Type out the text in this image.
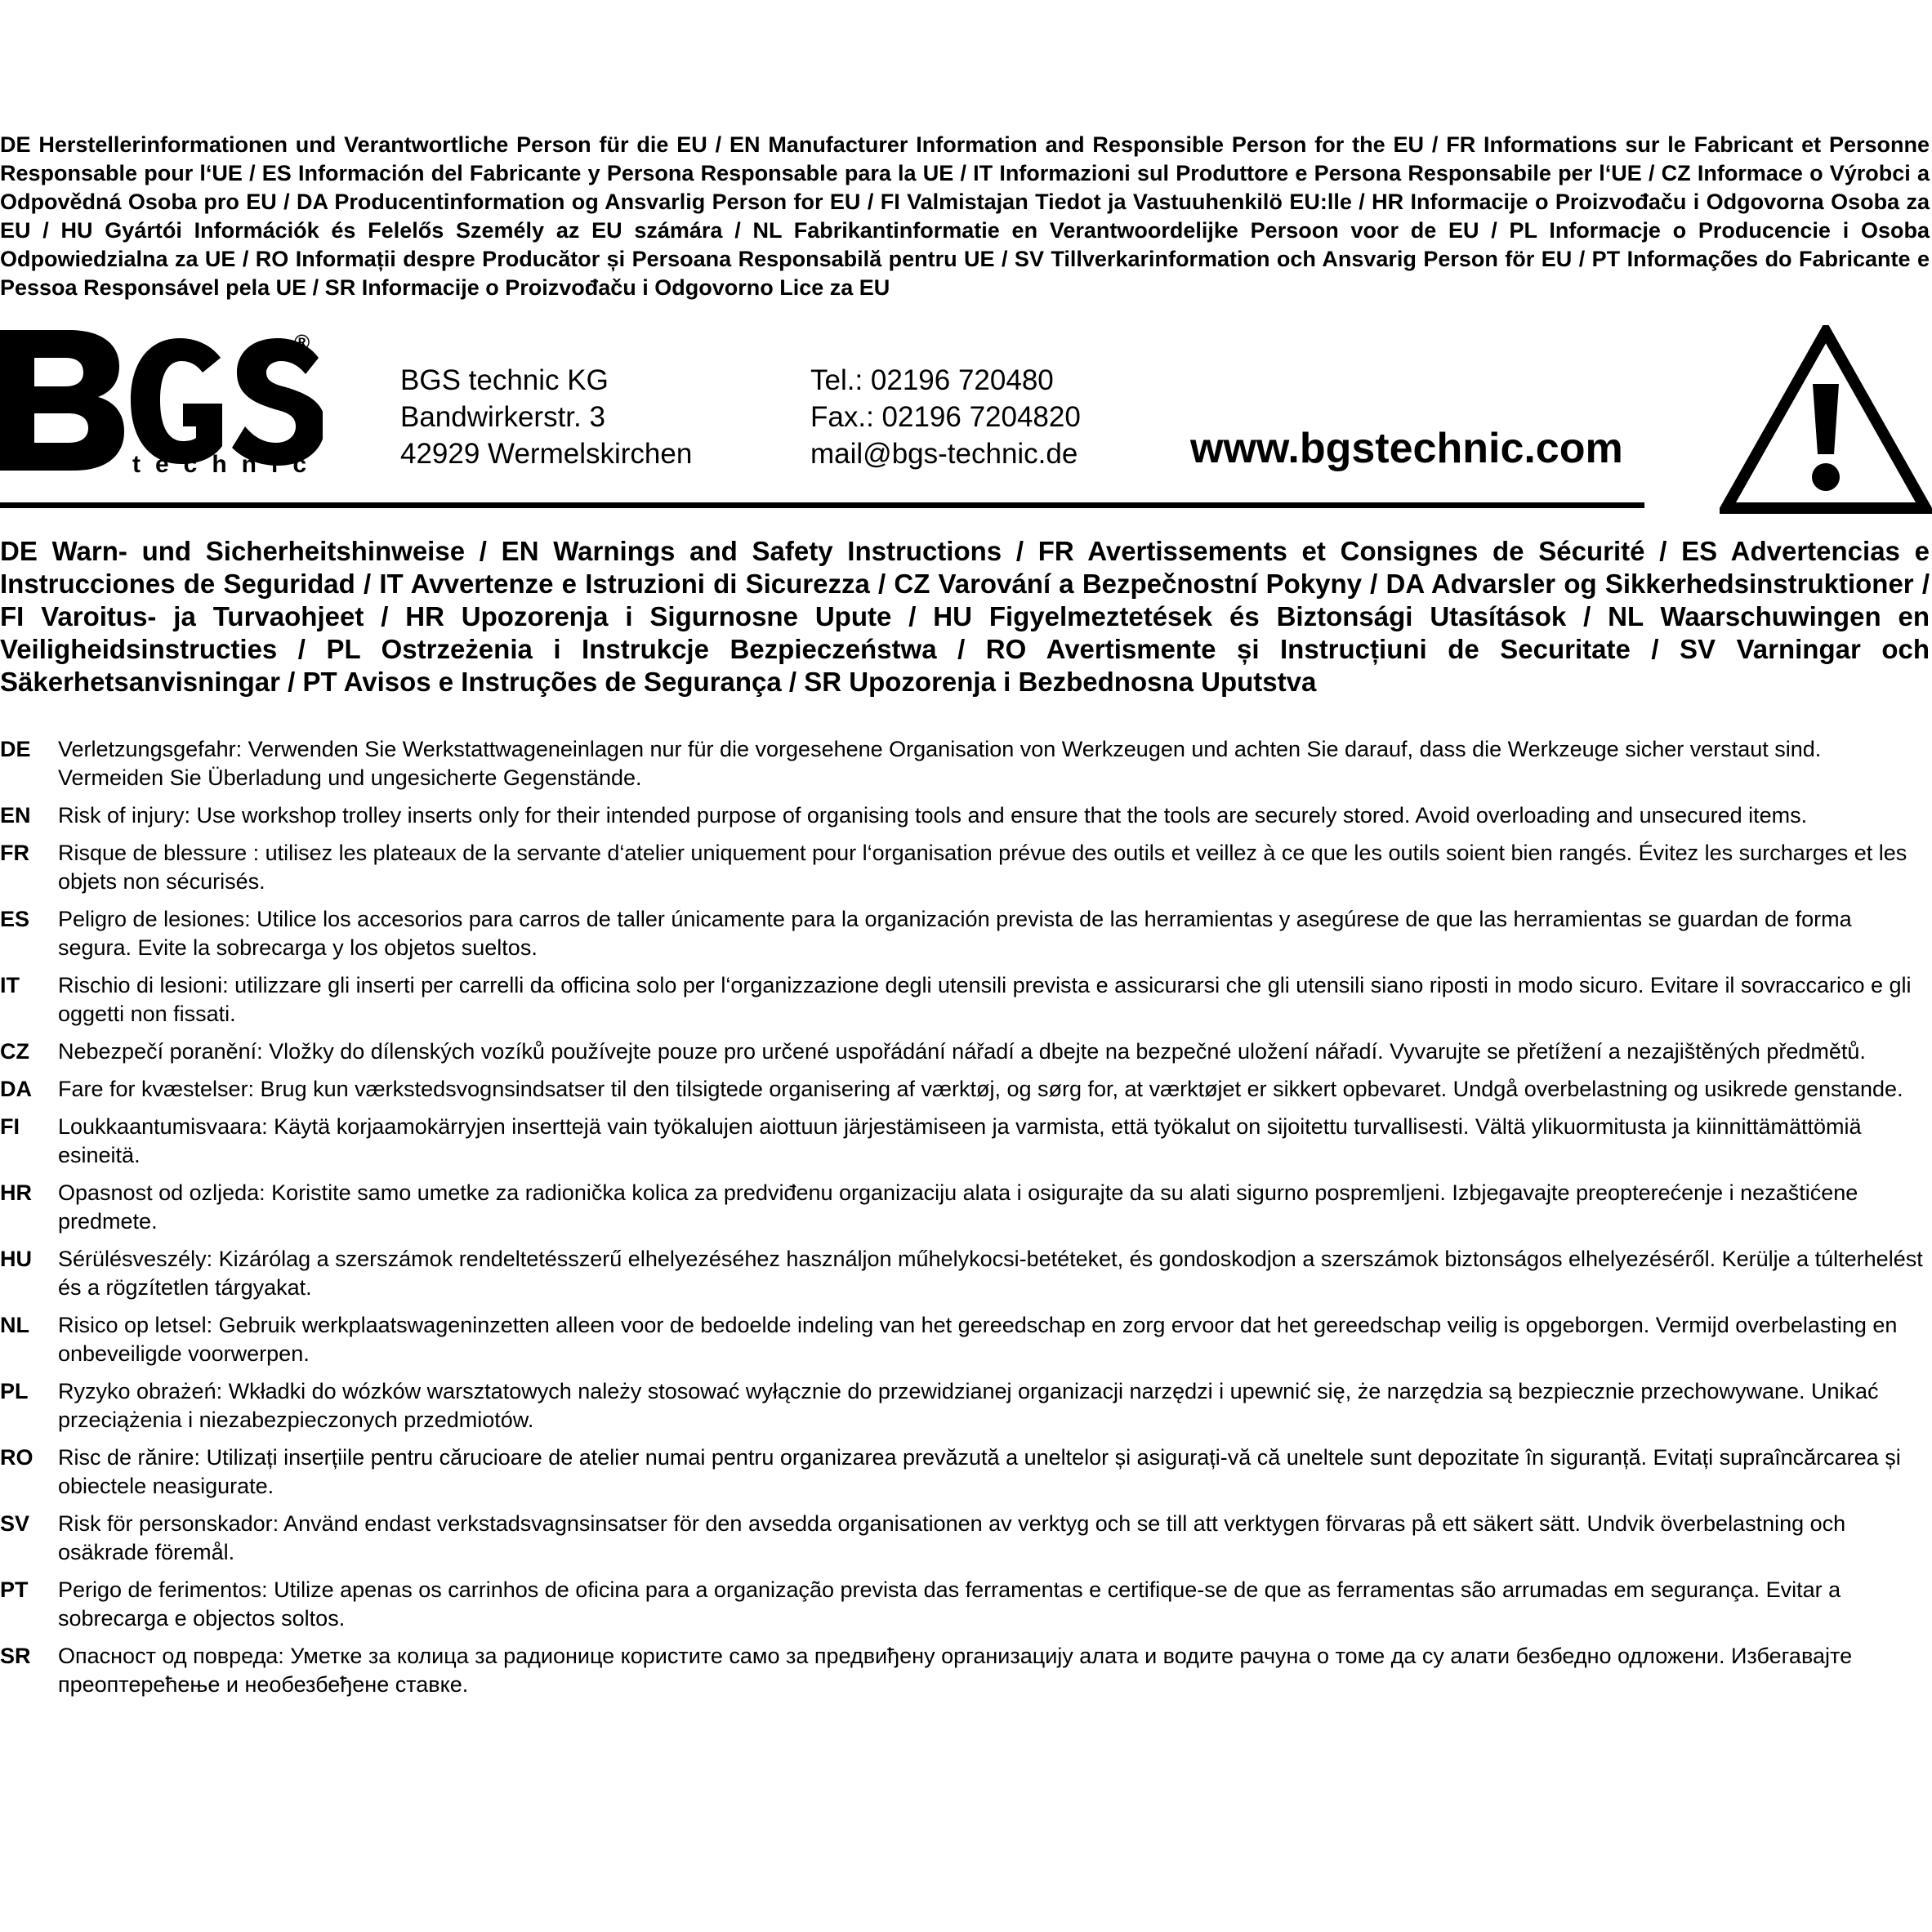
DE Herstellerinformationen und Verantwortliche Person für die EU / EN Manufacturer Information and Responsible Person for the EU / FR Informations sur le Fabricant et Personne Responsable pour l‘UE / ES Información del Fabricante y Persona Responsable para la UE / IT Informazioni sul Produttore e Persona Responsabile per l‘UE / CZ Informace o Výrobci a Odpovědná Osoba pro EU / DA Producentinformation og Ansvarlig Person for EU / FI Valmistajan Tiedot ja Vastuuhenkilö EU:lle / HR Informacije o Proizvođaču i Odgovorna Osoba za EU / HU Gyártói Információk és Felelős Személy az EU számára / NL Fabrikantinformatie en Verantwoordelijke Persoon voor de EU / PL Informacje o Producencie i Osoba Odpowiedzialna za UE / RO Informații despre Producător și Persoana Responsabilă pentru UE / SV Tillverkarinformation och Ansvarig Person för EU / PT Informações do Fabricante e Pessoa Responsável pela UE / SR Informacije o Proizvođaču i Odgovorno Lice za EU
technic
®
BGS technic KG
Bandwirkerstr. 3
42929 Wermelskirchen
Tel.: 02196 720480
Fax.: 02196 7204820
mail@bgs-technic.de	www.bgstechnic.com
DE Warn- und Sicherheitshinweise / EN Warnings and Safety Instructions / FR Avertissements et Consignes de Sécurité / ES Advertencias e Instrucciones de Seguridad / IT Avvertenze e Istruzioni di Sicurezza / CZ Varování a Bezpečnostní Pokyny / DA Advarsler og Sikkerhedsinstruktioner / FI Varoitus- ja Turvaohjeet / HR Upozorenja i Sigurnosne Upute / HU Figyelmeztetések és Biztonsági Utasítások / NL Waarschuwingen en Veiligheidsinstructies / PL Ostrzeżenia i Instrukcje Bezpieczeństwa / RO Avertismente și Instrucțiuni de Securitate / SV Varningar och Säkerhetsanvisningar / PT Avisos e Instruções de Segurança / SR Upozorenja i Bezbednosna Uputstva
DE	Verletzungsgefahr: Verwenden Sie Werkstattwageneinlagen nur für die vorgesehene Organisation von Werkzeugen und achten Sie darauf, dass die Werkzeuge sicher verstaut sind. Vermeiden Sie Überladung und ungesicherte Gegenstände.
EN	Risk of injury: Use workshop trolley inserts only for their intended purpose of organising tools and ensure that the tools are securely stored. Avoid overloading and unsecured items.
FR	Risque de blessure : utilisez les plateaux de la servante d‘atelier uniquement pour l‘organisation prévue des outils et veillez à ce que les outils soient bien rangés. Évitez les surcharges et les objets non sécurisés.
ES	Peligro de lesiones: Utilice los accesorios para carros de taller únicamente para la organización prevista de las herramientas y asegúrese de que las herramientas se guardan de forma segura. Evite la sobrecarga y los objetos sueltos.
IT	Rischio di lesioni: utilizzare gli inserti per carrelli da officina solo per l‘organizzazione degli utensili prevista e assicurarsi che gli utensili siano riposti in modo sicuro. Evitare il sovraccarico e gli oggetti non fissati.
CZ	Nebezpečí poranění: Vložky do dílenských vozíků používejte pouze pro určené uspořádání nářadí a dbejte na bezpečné uložení nářadí. Vyvarujte se přetížení a nezajištěných předmětů.
DA	Fare for kvæstelser: Brug kun værkstedsvognsindsatser til den tilsigtede organisering af værktøj, og sørg for, at værktøjet er sikkert opbevaret. Undgå overbelastning og usikrede genstande.
FI	Loukkaantumisvaara: Käytä korjaamokärryjen inserttejä vain työkalujen aiottuun järjestämiseen ja varmista, että työkalut on sijoitettu turvallisesti. Vältä ylikuormitusta ja kiinnittämättömiä esineitä.
HR	Opasnost od ozljeda: Koristite samo umetke za radionička kolica za predviđenu organizaciju alata i osigurajte da su alati sigurno pospremljeni. Izbjegavajte preopterećenje i nezaštićene predmete.
HU	Sérülésveszély: Kizárólag a szerszámok rendeltetésszerű elhelyezéséhez használjon műhelykocsi-betéteket, és gondoskodjon a szerszámok biztonságos elhelyezéséről. Kerülje a túlterhelést és a rögzítetlen tárgyakat.
NL	Risico op letsel: Gebruik werkplaatswageninzetten alleen voor de bedoelde indeling van het gereedschap en zorg ervoor dat het gereedschap veilig is opgeborgen. Vermijd overbelasting en onbeveiligde voorwerpen.
PL	Ryzyko obrażeń: Wkładki do wózków warsztatowych należy stosować wyłącznie do przewidzianej organizacji narzędzi i upewnić się, że narzędzia są bezpiecznie przechowywane. Unikać przeciążenia i niezabezpieczonych przedmiotów.
RO	Risc de rănire: Utilizați inserțiile pentru cărucioare de atelier numai pentru organizarea prevăzută a uneltelor și asigurați-vă că uneltele sunt depozitate în siguranță. Evitați supraîncărcarea și obiectele neasigurate.
SV	Risk för personskador: Använd endast verkstadsvagnsinsatser för den avsedda organisationen av verktyg och se till att verktygen förvaras på ett säkert sätt. Undvik överbelastning och osäkrade föremål.
PT	Perigo de ferimentos: Utilize apenas os carrinhos de oficina para a organização prevista das ferramentas e certifique-se de que as ferramentas são arrumadas em segurança. Evitar a sobrecarga e objectos soltos.
SR	Опасност од повреда: Уметке за колица за радионице користите само за предвиђену организацију алата и водите рачуна о томе да су алати безбедно одложени. Избегавајте преоптерећење и необезбеђене ставке.
